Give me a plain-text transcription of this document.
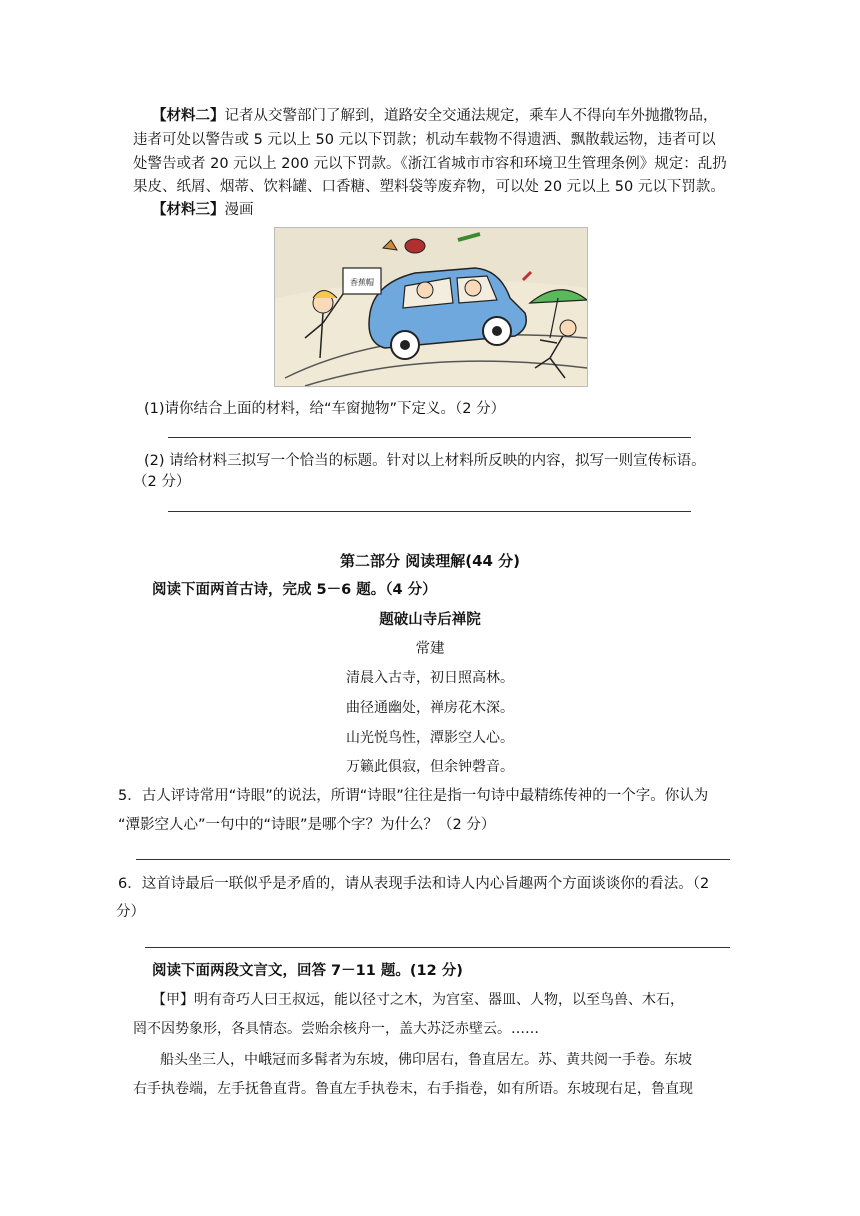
【材料二】记者从交警部门了解到，道路安全交通法规定，乘车人不得向车外抛撒物品，
违者可处以警告或 5 元以上 50 元以下罚款；机动车载物不得遗洒、飘散载运物，违者可以
处警告或者 20 元以上 200 元以下罚款。《浙江省城市市容和环境卫生管理条例》规定：乱扔
果皮、纸屑、烟蒂、饮料罐、口香糖、塑料袋等废弃物，可以处 20 元以上 50 元以下罚款。
【材料三】漫画
香蕉帽
(1)请你结合上面的材料，给“车窗抛物”下定义。（2 分）
(2) 请给材料三拟写一个恰当的标题。针对以上材料所反映的内容，拟写一则宣传标语。
（2 分）
第二部分 阅读理解(44 分)
阅读下面两首古诗，完成 5－6 题。（4 分）
题破山寺后禅院
常建
清晨入古寺，初日照高林。
曲径通幽处，禅房花木深。
山光悦鸟性，潭影空人心。
万籁此俱寂，但余钟磬音。
5．古人评诗常用“诗眼”的说法，所谓“诗眼”往往是指一句诗中最精练传神的一个字。你认为
“潭影空人心”一句中的“诗眼”是哪个字？为什么？（2 分）
6．这首诗最后一联似乎是矛盾的，请从表现手法和诗人内心旨趣两个方面谈谈你的看法。（2
分）
阅读下面两段文言文，回答 7－11 题。(12 分)
【甲】明有奇巧人曰王叔远，能以径寸之木，为宫室、器皿、人物，以至鸟兽、木石，
罔不因势象形，各具情态。尝贻余核舟一，盖大苏泛赤壁云。……
船头坐三人，中峨冠而多髯者为东坡，佛印居右，鲁直居左。苏、黄共阅一手卷。东坡
右手执卷端，左手抚鲁直背。鲁直左手执卷末，右手指卷，如有所语。东坡现右足，鲁直现
